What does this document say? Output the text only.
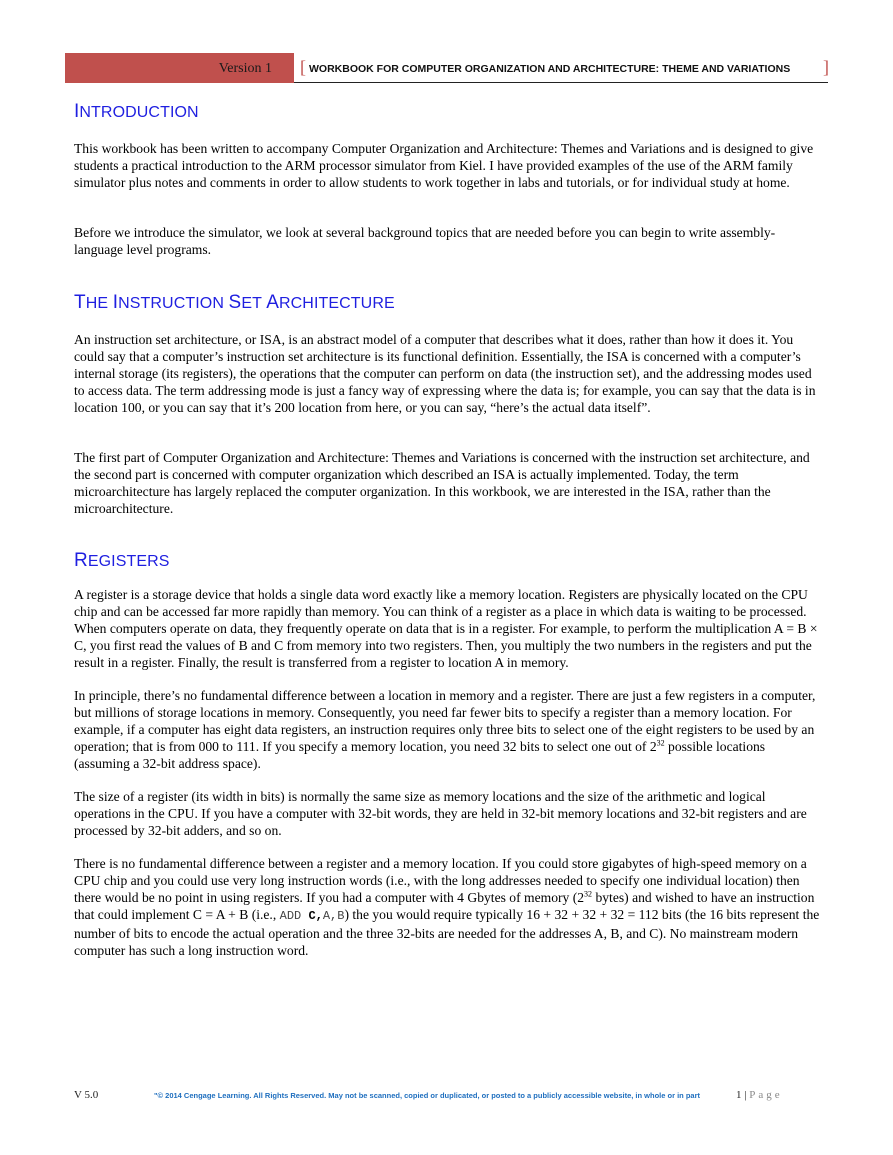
Version 1 [ WORKBOOK FOR COMPUTER ORGANIZATION AND ARCHITECTURE: THEME AND VARIATIONS ]
INTRODUCTION

This workbook has been written to accompany Computer Organization and Architecture: Themes and Variations and is designed to give students a practical introduction to the ARM processor simulator from Kiel. I have provided examples of the use of the ARM family simulator plus notes and comments in order to allow students to work together in labs and tutorials, or for individual study at home.

Before we introduce the simulator, we look at several background topics that are needed before you can begin to write assembly-language level programs.

THE INSTRUCTION SET ARCHITECTURE

An instruction set architecture, or ISA, is an abstract model of a computer that describes what it does, rather than how it does it. You could say that a computer’s instruction set architecture is its functional definition. Essentially, the ISA is concerned with a computer’s internal storage (its registers), the operations that the computer can perform on data (the instruction set), and the addressing modes used to access data. The term addressing mode is just a fancy way of expressing where the data is; for example, you can say that the data is in location 100, or you can say that it’s 200 location from here, or you can say, “here’s the actual data itself”.

The first part of Computer Organization and Architecture: Themes and Variations is concerned with the instruction set architecture, and the second part is concerned with computer organization which described an ISA is actually implemented. Today, the term microarchitecture has largely replaced the computer organization. In this workbook, we are interested in the ISA, rather than the microarchitecture.

REGISTERS

A register is a storage device that holds a single data word exactly like a memory location. Registers are physically located on the CPU chip and can be accessed far more rapidly than memory. You can think of a register as a place in which data is waiting to be processed. When computers operate on data, they frequently operate on data that is in a register. For example, to perform the multiplication A = B × C, you first read the values of B and C from memory into two registers. Then, you multiply the two numbers in the registers and put the result in a register. Finally, the result is transferred from a register to location A in memory.

In principle, there’s no fundamental difference between a location in memory and a register. There are just a few registers in a computer, but millions of storage locations in memory. Consequently, you need far fewer bits to specify a register than a memory location. For example, if a computer has eight data registers, an instruction requires only three bits to select one of the eight registers to be used by an operation; that is from 000 to 111. If you specify a memory location, you need 32 bits to select one out of $2^{32}$ possible locations (assuming a 32-bit address space).

The size of a register (its width in bits) is normally the same size as memory locations and the size of the arithmetic and logical operations in the CPU. If you have a computer with 32-bit words, they are held in 32-bit memory locations and 32-bit registers and are processed by 32-bit adders, and so on.

There is no fundamental difference between a register and a memory location. If you could store gigabytes of high-speed memory on a CPU chip and you could use very long instruction words (i.e., with the long addresses needed to specify one individual location) then there would be no point in using registers. If you had a computer with 4 Gbytes of memory ($2^{32}$ bytes) and wished to have an instruction that could implement C = A + B (i.e., ADD C,A,B) the you would require typically 16 + 32 + 32 + 32 = 112 bits (the 16 bits represent the number of bits to encode the actual operation and the three 32-bits are needed for the addresses A, B, and C). No mainstream modern computer has such a long instruction word.

V 5.0	"© 2014 Cengage Learning. All Rights Reserved. May not be scanned, copied or duplicated, or posted to a publicly accessible website, in whole or in part	1 | Page
